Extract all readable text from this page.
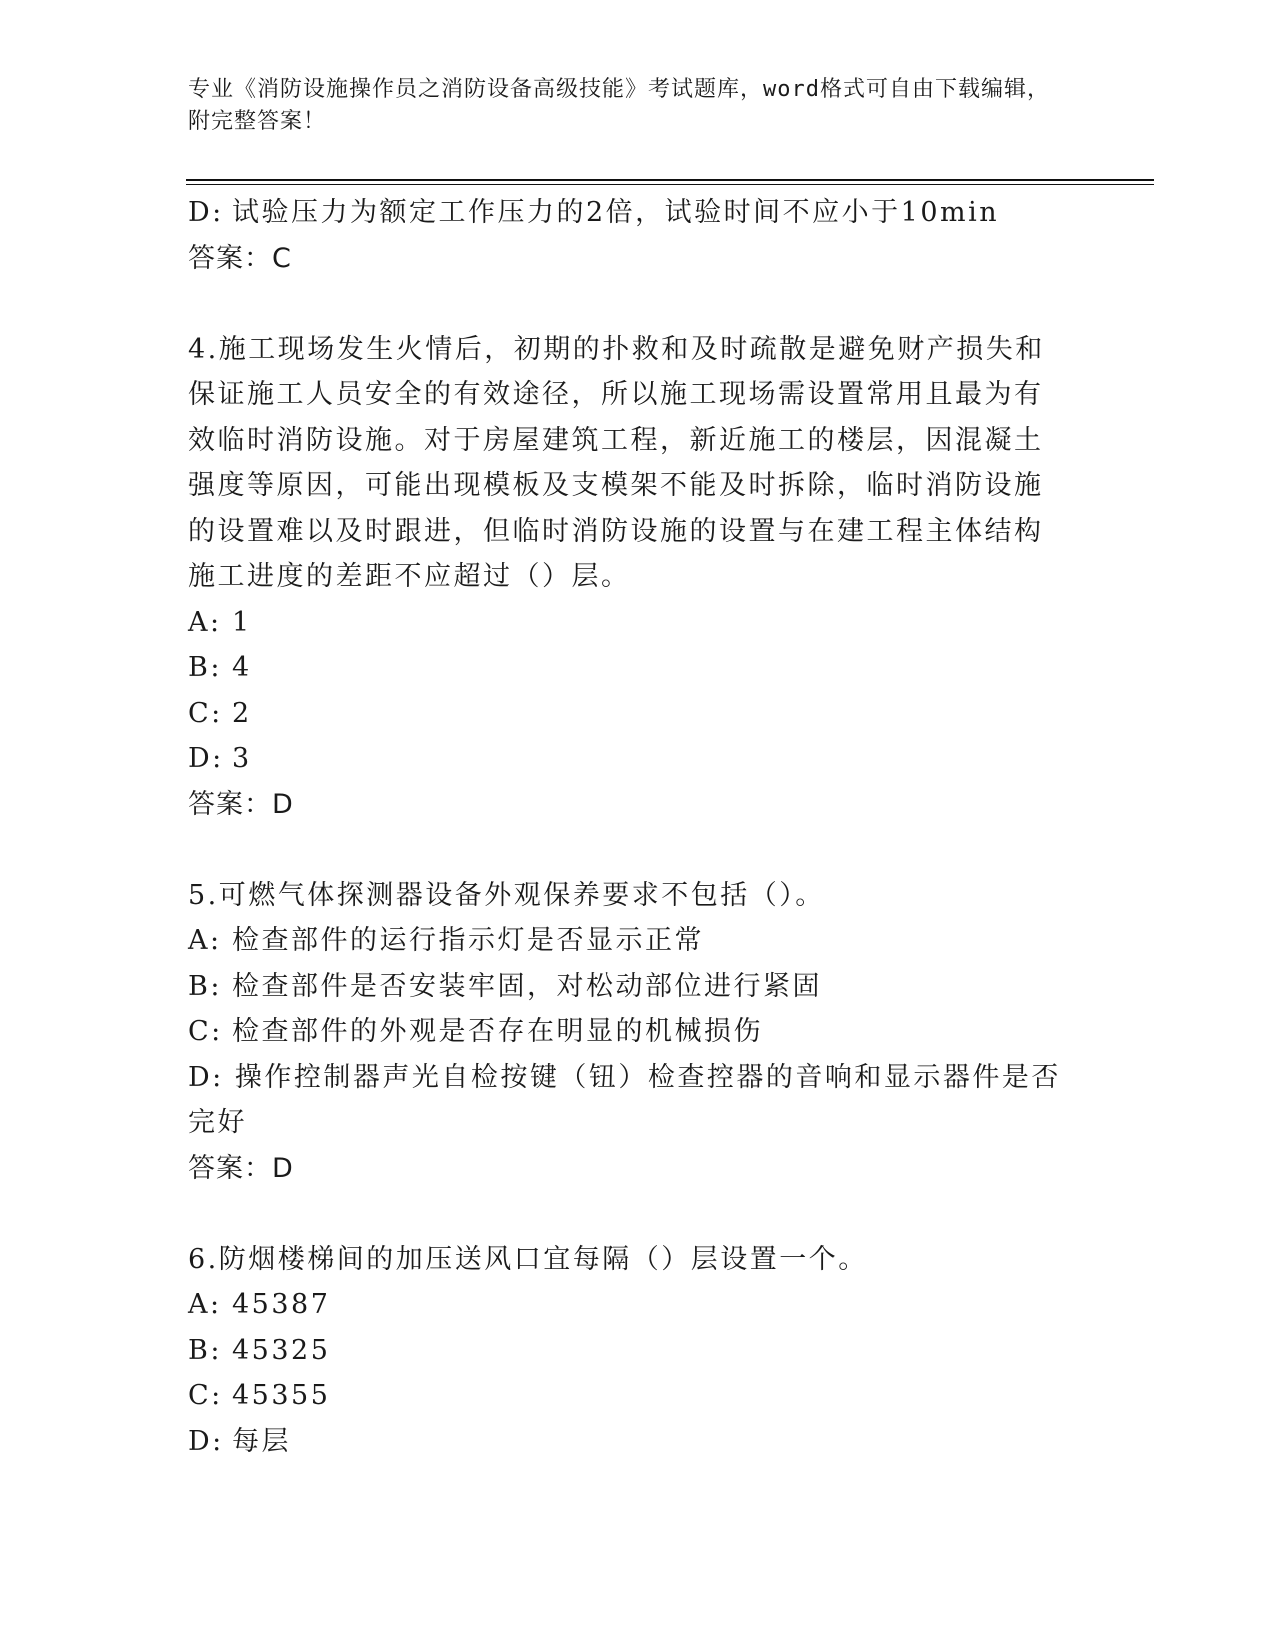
专业《消防设施操作员之消防设备高级技能》考试题库，word格式可自由下载编辑，附完整答案！
D: 试验压力为额定工作压力的2倍，试验时间不应小于10min
答案：C
4.施工现场发生火情后，初期的扑救和及时疏散是避免财产损失和保证施工人员安全的有效途径，所以施工现场需设置常用且最为有效临时消防设施。对于房屋建筑工程，新近施工的楼层，因混凝土强度等原因，可能出现模板及支模架不能及时拆除，临时消防设施的设置难以及时跟进，但临时消防设施的设置与在建工程主体结构施工进度的差距不应超过（）层。
A: 1
B: 4
C: 2
D: 3
答案：D
5.可燃气体探测器设备外观保养要求不包括（）。
A: 检查部件的运行指示灯是否显示正常
B: 检查部件是否安装牢固，对松动部位进行紧固
C: 检查部件的外观是否存在明显的机械损伤
D: 操作控制器声光自检按键（钮）检查控器的音响和显示器件是否完好
答案：D
6.防烟楼梯间的加压送风口宜每隔（）层设置一个。
A: 45387
B: 45325
C: 45355
D: 每层
